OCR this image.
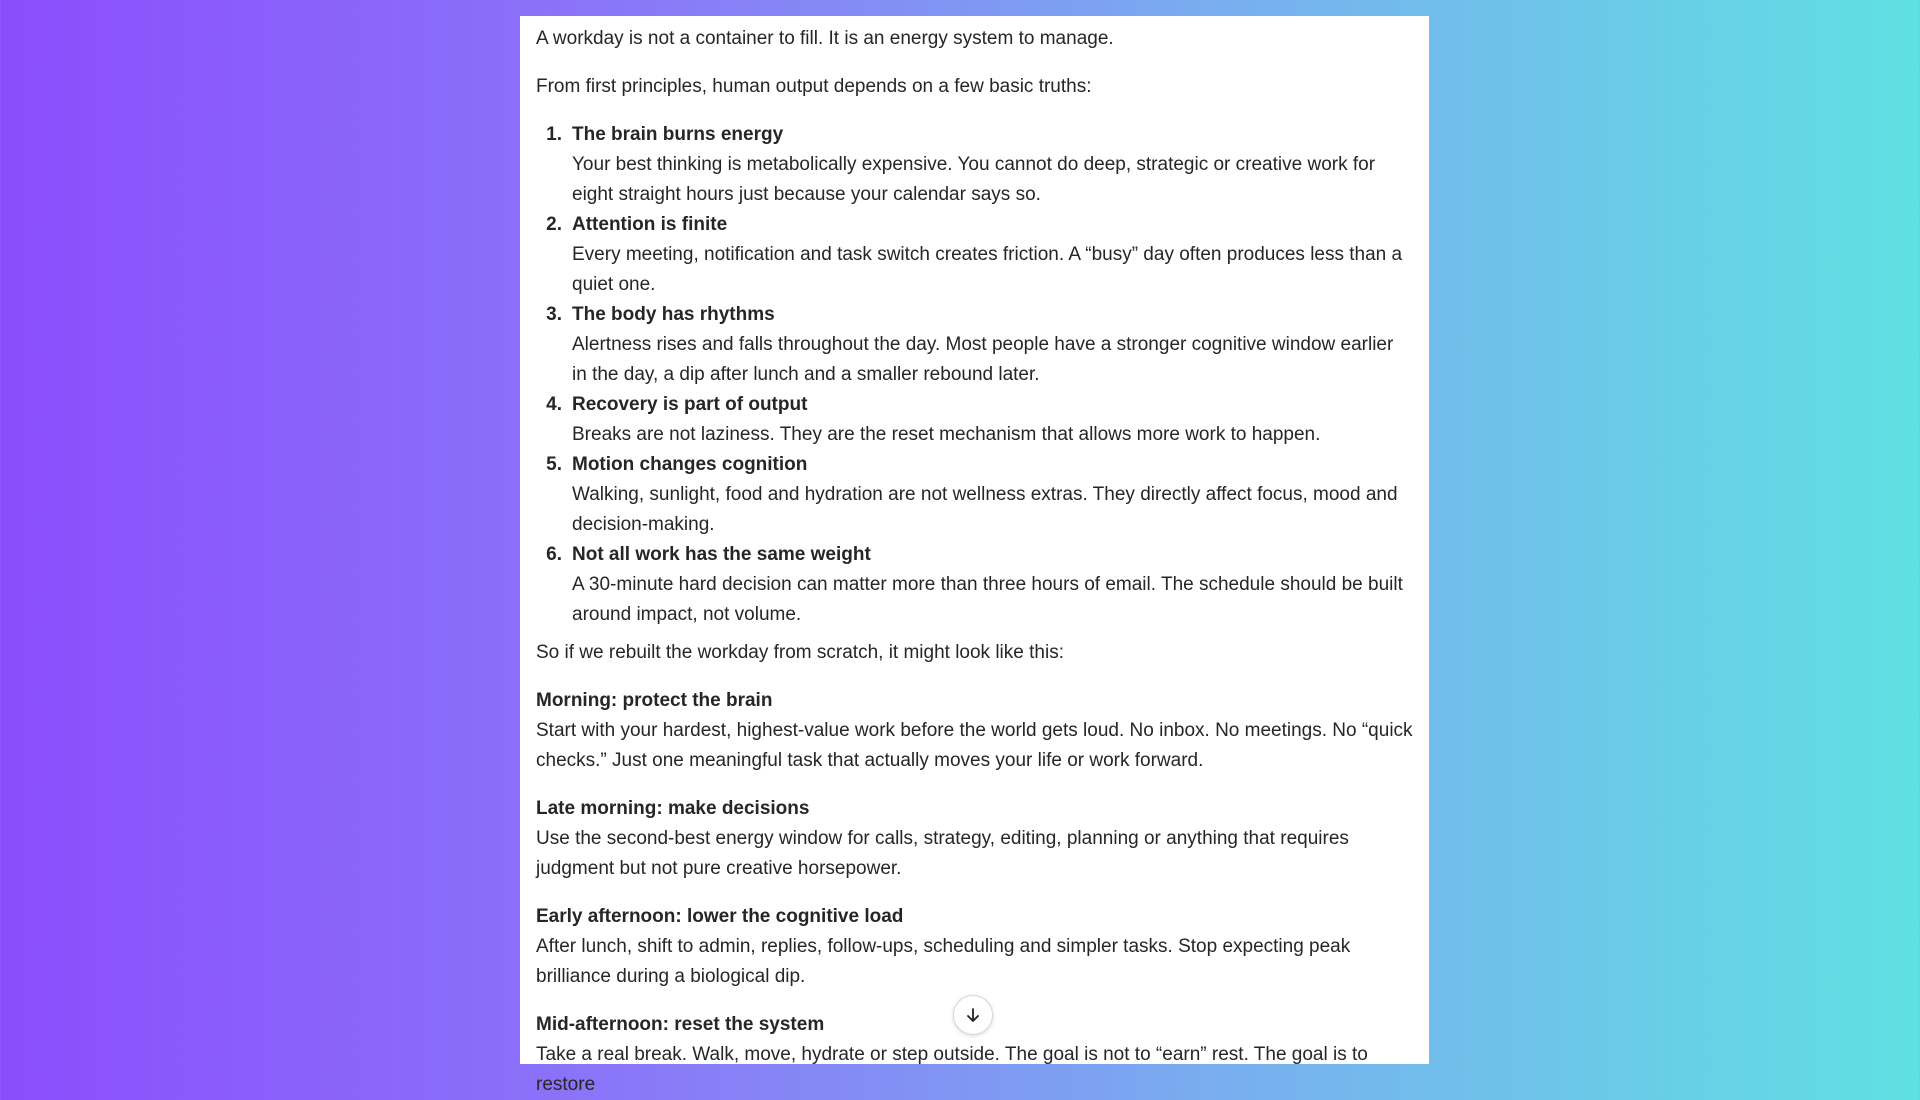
A workday is not a container to fill. It is an energy system to manage.

From first principles, human output depends on a few basic truths:

1. The brain burns energy
Your best thinking is metabolically expensive. You cannot do deep, strategic or creative work for eight straight hours just because your calendar says so.
2. Attention is finite
Every meeting, notification and task switch creates friction. A “busy” day often produces less than a quiet one.
3. The body has rhythms
Alertness rises and falls throughout the day. Most people have a stronger cognitive window earlier in the day, a dip after lunch and a smaller rebound later.
4. Recovery is part of output
Breaks are not laziness. They are the reset mechanism that allows more work to happen.
5. Motion changes cognition
Walking, sunlight, food and hydration are not wellness extras. They directly affect focus, mood and decision-making.
6. Not all work has the same weight
A 30-minute hard decision can matter more than three hours of email. The schedule should be built around impact, not volume.

So if we rebuilt the workday from scratch, it might look like this:

Morning: protect the brain
Start with your hardest, highest-value work before the world gets loud. No inbox. No meetings. No “quick checks.” Just one meaningful task that actually moves your life or work forward.
Late morning: make decisions
Use the second-best energy window for calls, strategy, editing, planning or anything that requires judgment but not pure creative horsepower.
Early afternoon: lower the cognitive load
After lunch, shift to admin, replies, follow-ups, scheduling and simpler tasks. Stop expecting peak brilliance during a biological dip.
Mid-afternoon: reset the system
Take a real break. Walk, move, hydrate or step outside. The goal is not to “earn” rest. The goal is to restore
